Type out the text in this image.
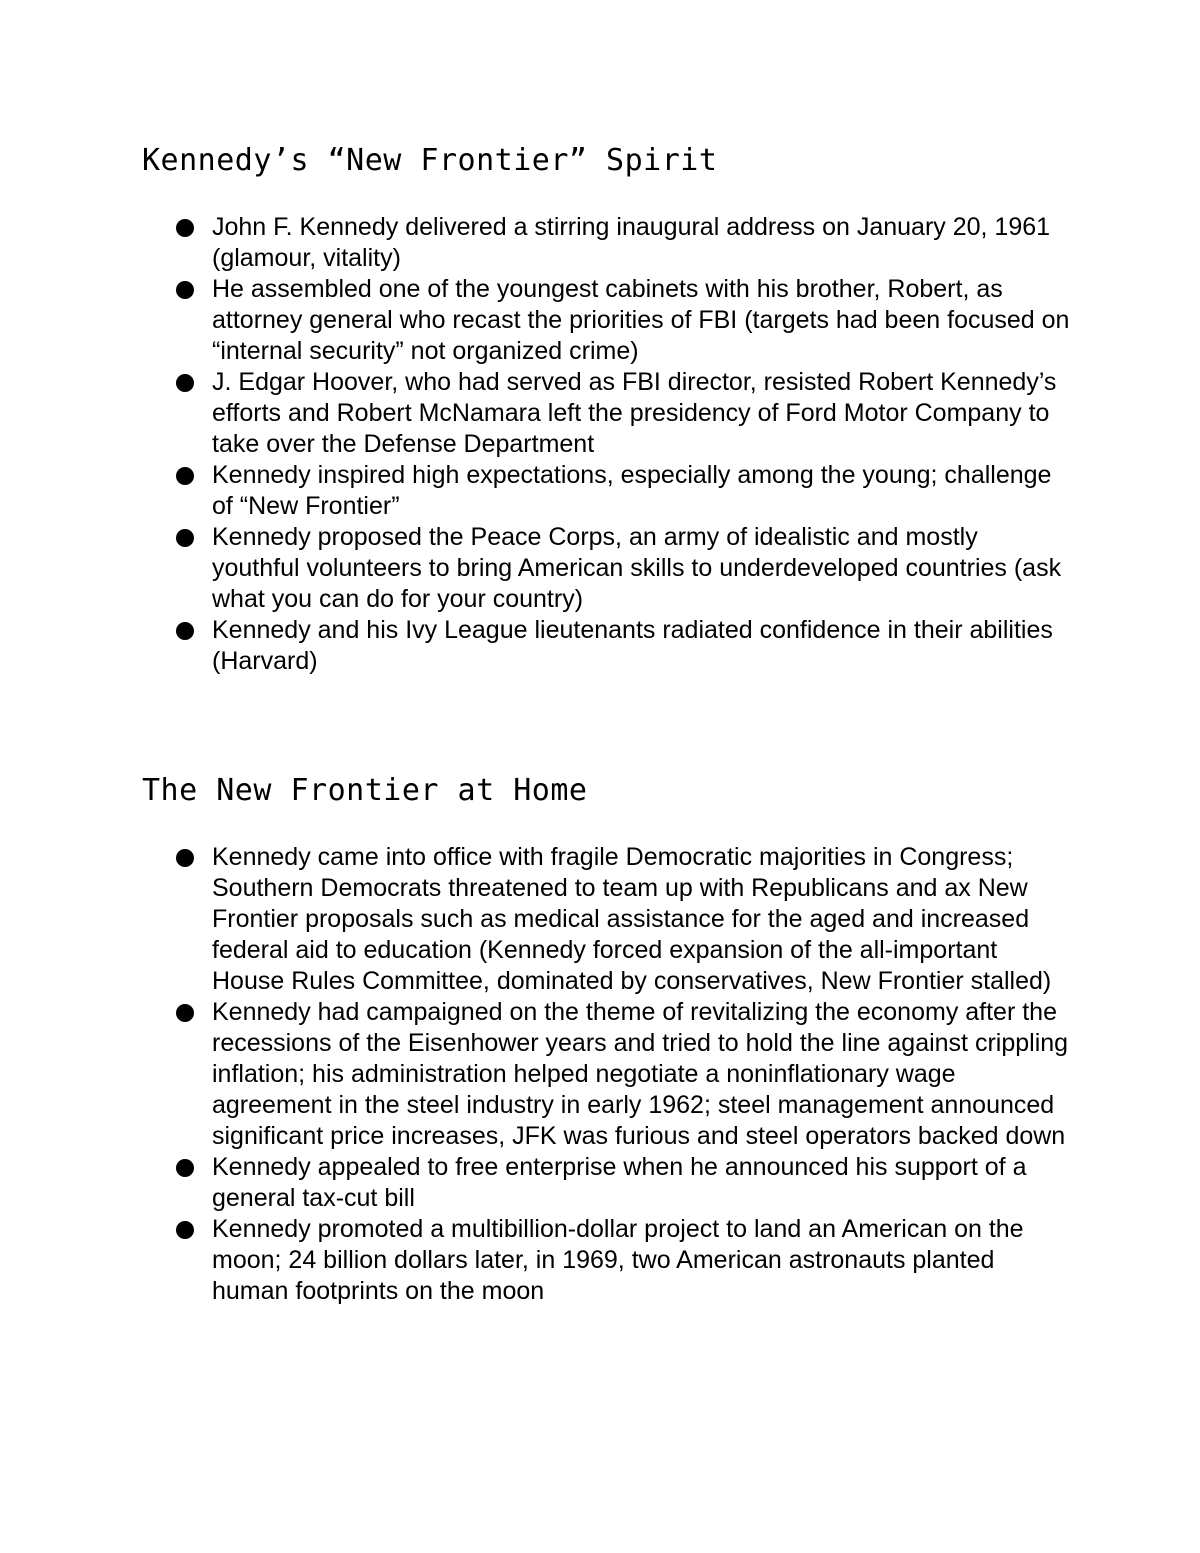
Kennedy’s “New Frontier” Spirit
John F. Kennedy delivered a stirring inaugural address on January 20, 1961 (glamour, vitality)
He assembled one of the youngest cabinets with his brother, Robert, as attorney general who recast the priorities of FBI (targets had been focused on “internal security” not organized crime)
J. Edgar Hoover, who had served as FBI director, resisted Robert Kennedy’s efforts and Robert McNamara left the presidency of Ford Motor Company to take over the Defense Department
Kennedy inspired high expectations, especially among the young; challenge of “New Frontier”
Kennedy proposed the Peace Corps, an army of idealistic and mostly youthful volunteers to bring American skills to underdeveloped countries (ask what you can do for your country)
Kennedy and his Ivy League lieutenants radiated confidence in their abilities (Harvard)
The New Frontier at Home
Kennedy came into office with fragile Democratic majorities in Congress; Southern Democrats threatened to team up with Republicans and ax New Frontier proposals such as medical assistance for the aged and increased federal aid to education (Kennedy forced expansion of the all-important House Rules Committee, dominated by conservatives, New Frontier stalled)
Kennedy had campaigned on the theme of revitalizing the economy after the recessions of the Eisenhower years and tried to hold the line against crippling inflation; his administration helped negotiate a noninflationary wage agreement in the steel industry in early 1962; steel management announced significant price increases, JFK was furious and steel operators backed down
Kennedy appealed to free enterprise when he announced his support of a general tax-cut bill
Kennedy promoted a multibillion-dollar project to land an American on the moon; 24 billion dollars later, in 1969, two American astronauts planted human footprints on the moon
